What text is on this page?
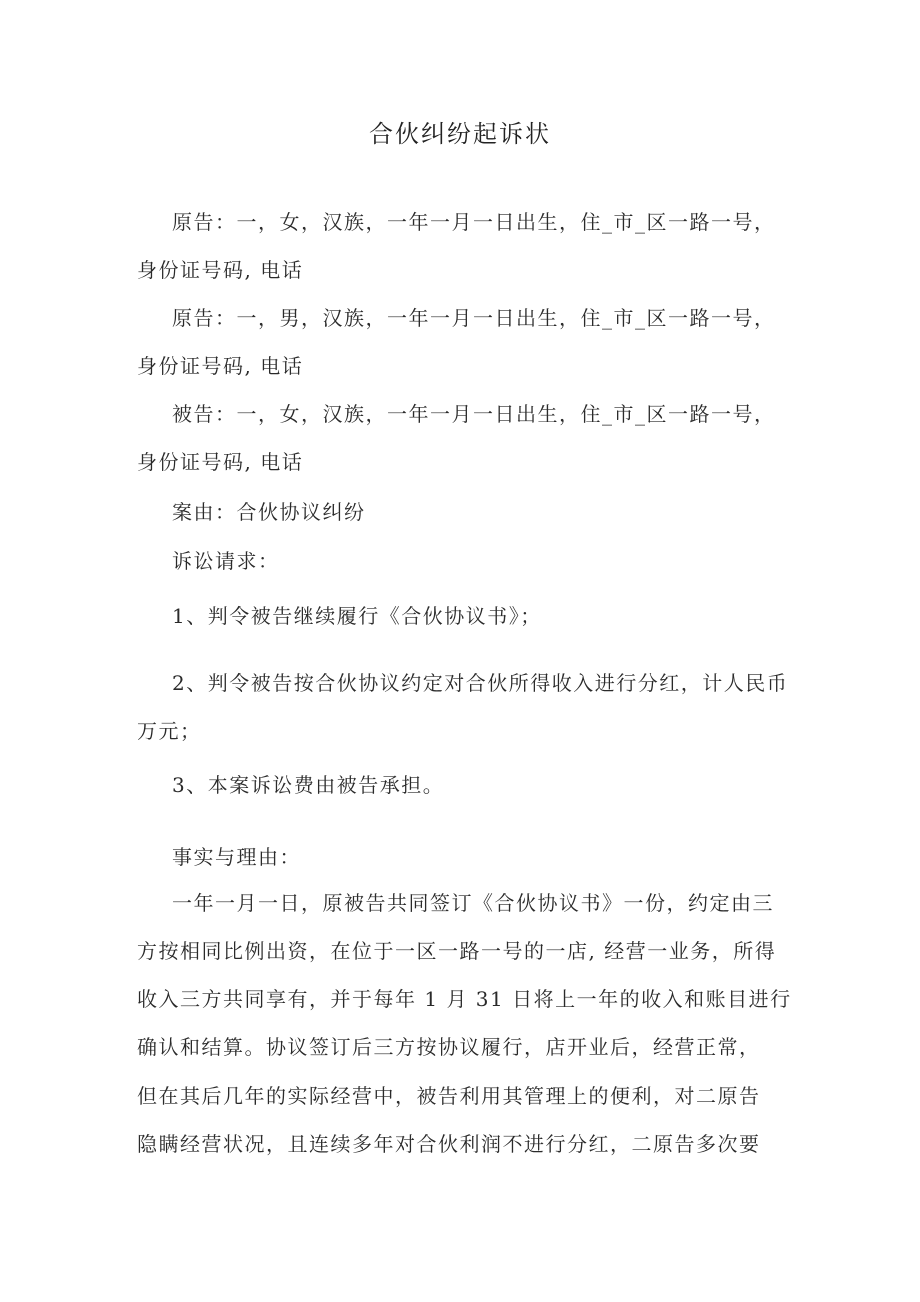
合伙纠纷起诉状
原告：一，女，汉族，一年一月一日出生，住_市_区一路一号，
身份证号码, 电话
原告：一，男，汉族，一年一月一日出生，住_市_区一路一号，
身份证号码, 电话
被告：一，女，汉族，一年一月一日出生，住_市_区一路一号，
身份证号码, 电话
案由：合伙协议纠纷
诉讼请求：
1、判令被告继续履行《合伙协议书》；
2、判令被告按合伙协议约定对合伙所得收入进行分红，计人民币
万元；
3、本案诉讼费由被告承担。
事实与理由：
一年一月一日，原被告共同签订《合伙协议书》一份，约定由三
方按相同比例出资，在位于一区一路一号的一店, 经营一业务，所得
收入三方共同享有，并于每年 1 月 31 日将上一年的收入和账目进行
确认和结算。协议签订后三方按协议履行，店开业后，经营正常，
但在其后几年的实际经营中，被告利用其管理上的便利，对二原告
隐瞒经营状况，且连续多年对合伙利润不进行分红，二原告多次要
